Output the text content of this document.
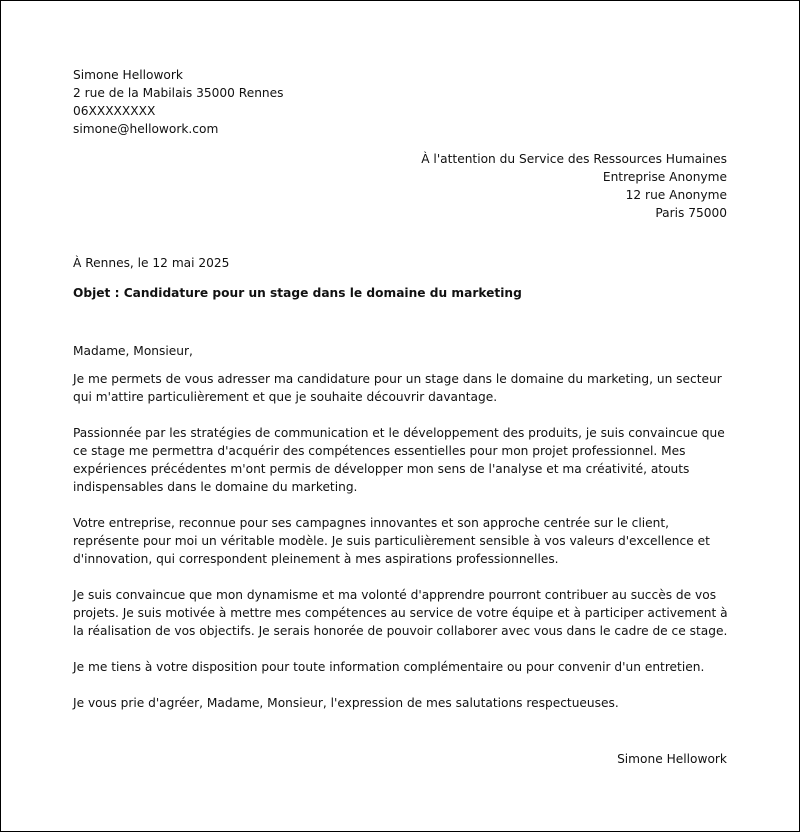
Simone Hellowork
2 rue de la Mabilais 35000 Rennes
06XXXXXXXX
simone@hellowork.com
À l'attention du Service des Ressources Humaines
Entreprise Anonyme
12 rue Anonyme
Paris 75000
À Rennes, le 12 mai 2025
Objet : Candidature pour un stage dans le domaine du marketing

Madame, Monsieur,

Je me permets de vous adresser ma candidature pour un stage dans le domaine du marketing, un secteur qui m'attire particulièrement et que je souhaite découvrir davantage.

Passionnée par les stratégies de communication et le développement des produits, je suis convaincue que ce stage me permettra d'acquérir des compétences essentielles pour mon projet professionnel. Mes expériences précédentes m'ont permis de développer mon sens de l'analyse et ma créativité, atouts indispensables dans le domaine du marketing.

Votre entreprise, reconnue pour ses campagnes innovantes et son approche centrée sur le client, représente pour moi un véritable modèle. Je suis particulièrement sensible à vos valeurs d'excellence et d'innovation, qui correspondent pleinement à mes aspirations professionnelles.

Je suis convaincue que mon dynamisme et ma volonté d'apprendre pourront contribuer au succès de vos projets. Je suis motivée à mettre mes compétences au service de votre équipe et à participer activement à la réalisation de vos objectifs. Je serais honorée de pouvoir collaborer avec vous dans le cadre de ce stage.

Je me tiens à votre disposition pour toute information complémentaire ou pour convenir d'un entretien.

Je vous prie d'agréer, Madame, Monsieur, l'expression de mes salutations respectueuses.

Simone Hellowork
